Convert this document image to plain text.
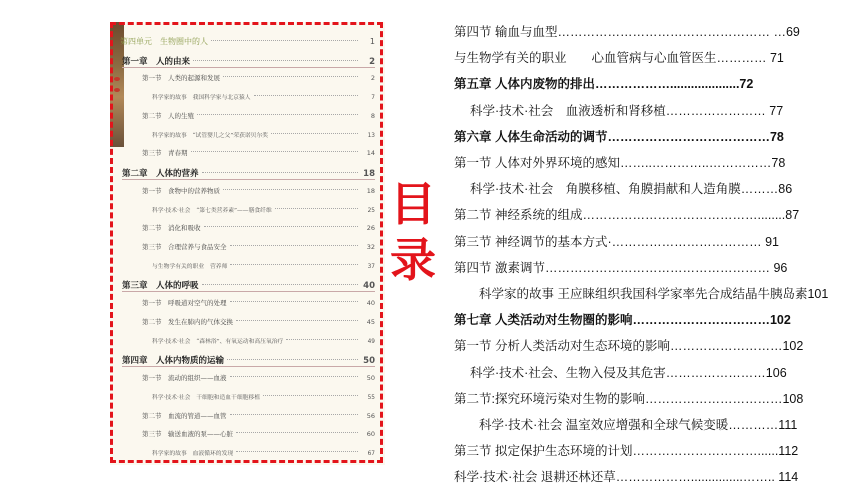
第四单元　生物圈中的人	1
第一章　人的由来	2
第一节　人类的起源和发展	2
科学家的故事　我国科学家与北京猿人	7
第二节　人的生殖	8
科学家的故事　“试管婴儿之父”荣获诺贝尔奖	13
第三节　青春期	14
第二章　人体的营养	18
第一节　食物中的营养物质	18
科学·技术·社会　“第七类营养素”——膳食纤维	25
第二节　消化和吸收	26
第三节　合理营养与食品安全	32
与生物学有关的职业　营养师	37
第三章　人体的呼吸	40
第一节　呼吸道对空气的处理	40
第二节　发生在肺内的气体交换	45
科学·技术·社会　“森林浴”、有氧运动和高压氧治疗	49
第四章　人体内物质的运输	50
第一节　流动的组织——血液	50
科学·技术·社会　干细胞和造血干细胞移植	55
第二节　血流的管道——血管	56
第三节　输送血液的泵——心脏	60
科学家的故事　血液循环的发现	67
目
录
第四节 输血与血型…………………………………………… …69
与生物学有关的职业　　心血管病与心血管医生………… 71
第五章 人体内废物的排出………………....................72
　 科学·技术·社会　血液透析和肾移植…………………… 77
第六章 人体生命活动的调节…………………………………78
第一节 人体对外界环境的感知……..…………..……………78
　 科学·技术·社会　角膜移植、角膜捐献和人造角膜………86
第二节 神经系统的组成……………………………………........87
第三节 神经调节的基本方式·……………………………… 91
第四节 激素调节……………………………………………… 96
　　科学家的故事 王应睐组织我国科学家率先合成结晶牛胰岛素101
第七章 人类活动对生物圈的影响……………………………102
第一节 分析人类活动对生态环境的影响………………………102
　 科学·技术·社会、生物入侵及其危害……………………106
第二节:探究环境污染对生物的影响……………………………108
　　科学·技术·社会 温室效应增强和全球气候变暖…………111
第三节 拟定保护生态环境的计划…………………………......112
科学·技术·社会 退耕还林还草………………...............…….. 114
